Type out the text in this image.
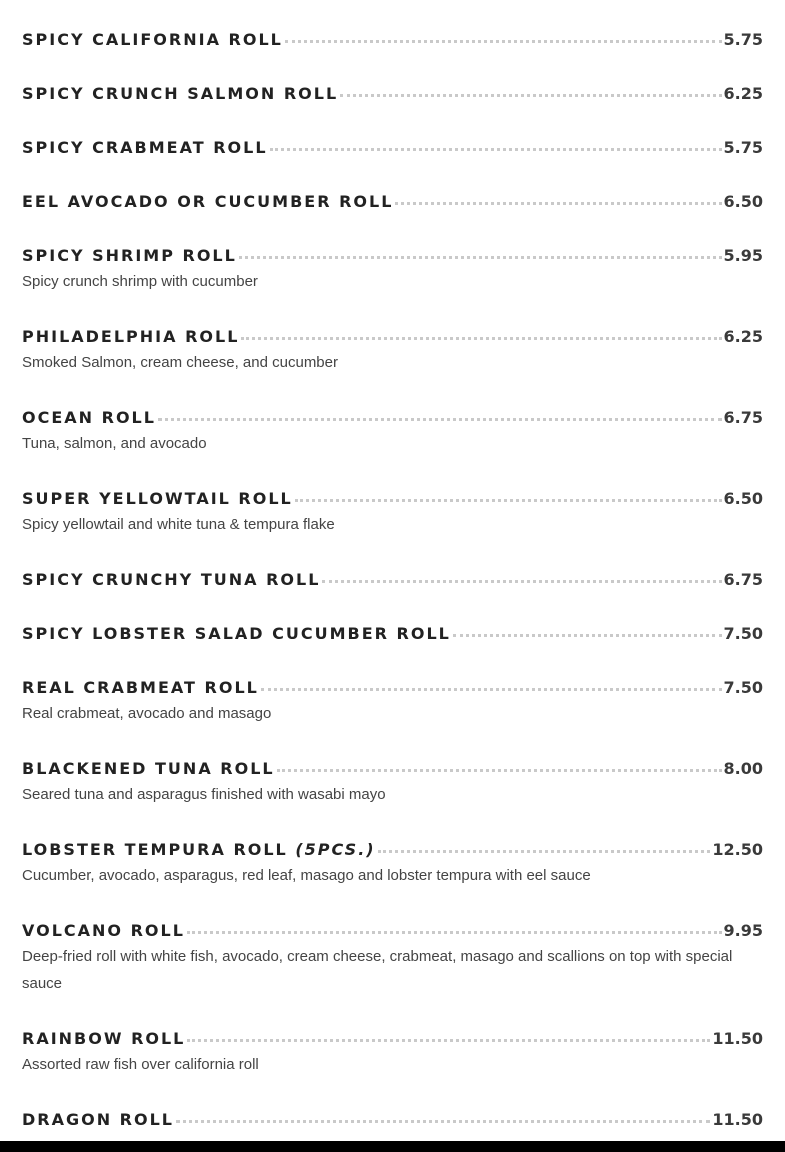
SPICY CALIFORNIA ROLL	5.75
SPICY CRUNCH SALMON ROLL	6.25
SPICY CRABMEAT ROLL	5.75
EEL AVOCADO OR CUCUMBER ROLL	6.50
SPICY SHRIMP ROLL	5.95
Spicy crunch shrimp with cucumber
PHILADELPHIA ROLL	6.25
Smoked Salmon, cream cheese, and cucumber
OCEAN ROLL	6.75
Tuna, salmon, and avocado
SUPER YELLOWTAIL ROLL	6.50
Spicy yellowtail and white tuna & tempura flake
SPICY CRUNCHY TUNA ROLL	6.75
SPICY LOBSTER SALAD CUCUMBER ROLL	7.50
REAL CRABMEAT ROLL	7.50
Real crabmeat, avocado and masago
BLACKENED TUNA ROLL	8.00
Seared tuna and asparagus finished with wasabi mayo
LOBSTER TEMPURA ROLL (5PCS.)	12.50
Cucumber, avocado, asparagus, red leaf, masago and lobster tempura with eel sauce
VOLCANO ROLL	9.95
Deep-fried roll with white fish, avocado, cream cheese, crabmeat, masago and scallions on top with special sauce
RAINBOW ROLL	11.50
Assorted raw fish over california roll
DRAGON ROLL	11.50
